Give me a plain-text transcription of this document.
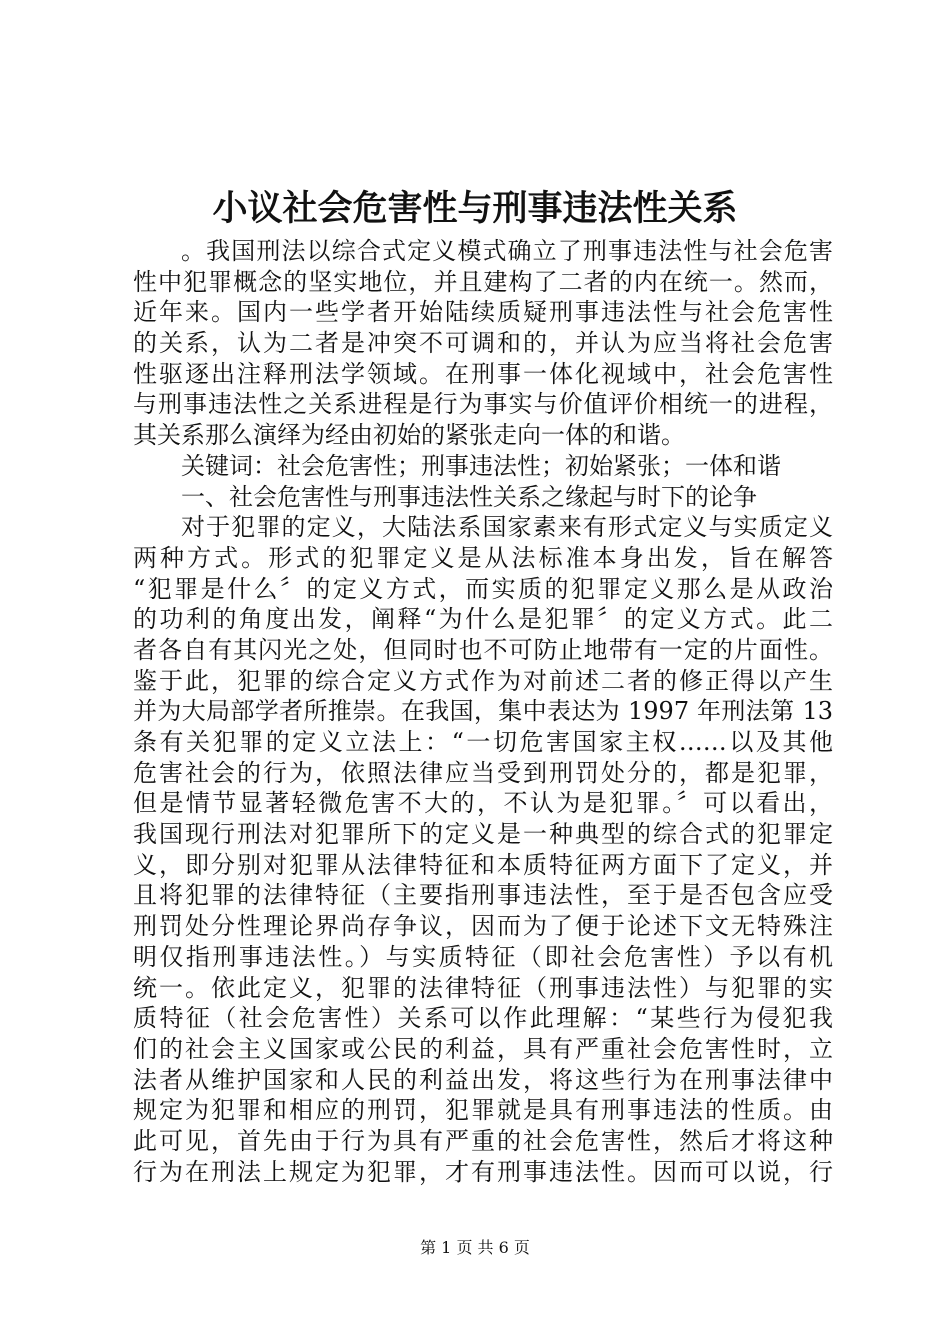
小议社会危害性与刑事违法性关系
。我国刑法以综合式定义模式确立了刑事违法性与社会危害
性中犯罪概念的坚实地位，并且建构了二者的内在统一。然而，
近年来。国内一些学者开始陆续质疑刑事违法性与社会危害性
的关系，认为二者是冲突不可调和的，并认为应当将社会危害
性驱逐出注释刑法学领域。在刑事一体化视域中，社会危害性
与刑事违法性之关系进程是行为事实与价值评价相统一的进程，
其关系那么演绎为经由初始的紧张走向一体的和谐。
关键词：社会危害性；刑事违法性；初始紧张；一体和谐
一、社会危害性与刑事违法性关系之缘起与时下的论争
对于犯罪的定义，大陆法系国家素来有形式定义与实质定义
两种方式。形式的犯罪定义是从法标准本身出发，旨在解答
“犯罪是什么〞的定义方式，而实质的犯罪定义那么是从政治
的功利的角度出发，阐释“为什么是犯罪〞的定义方式。此二
者各自有其闪光之处，但同时也不可防止地带有一定的片面性。
鉴于此，犯罪的综合定义方式作为对前述二者的修正得以产生
并为大局部学者所推崇。在我国，集中表达为 1997 年刑法第 13
条有关犯罪的定义立法上：“一切危害国家主权……以及其他
危害社会的行为，依照法律应当受到刑罚处分的，都是犯罪，
但是情节显著轻微危害不大的，不认为是犯罪。〞可以看出，
我国现行刑法对犯罪所下的定义是一种典型的综合式的犯罪定
义，即分别对犯罪从法律特征和本质特征两方面下了定义，并
且将犯罪的法律特征（主要指刑事违法性，至于是否包含应受
刑罚处分性理论界尚存争议，因而为了便于论述下文无特殊注
明仅指刑事违法性。）与实质特征（即社会危害性）予以有机
统一。依此定义，犯罪的法律特征（刑事违法性）与犯罪的实
质特征（社会危害性）关系可以作此理解：“某些行为侵犯我
们的社会主义国家或公民的利益，具有严重社会危害性时，立
法者从维护国家和人民的利益出发，将这些行为在刑事法律中
规定为犯罪和相应的刑罚，犯罪就是具有刑事违法的性质。由
此可见，首先由于行为具有严重的社会危害性，然后才将这种
行为在刑法上规定为犯罪，才有刑事违法性。因而可以说，行
第 1 页 共 6 页
